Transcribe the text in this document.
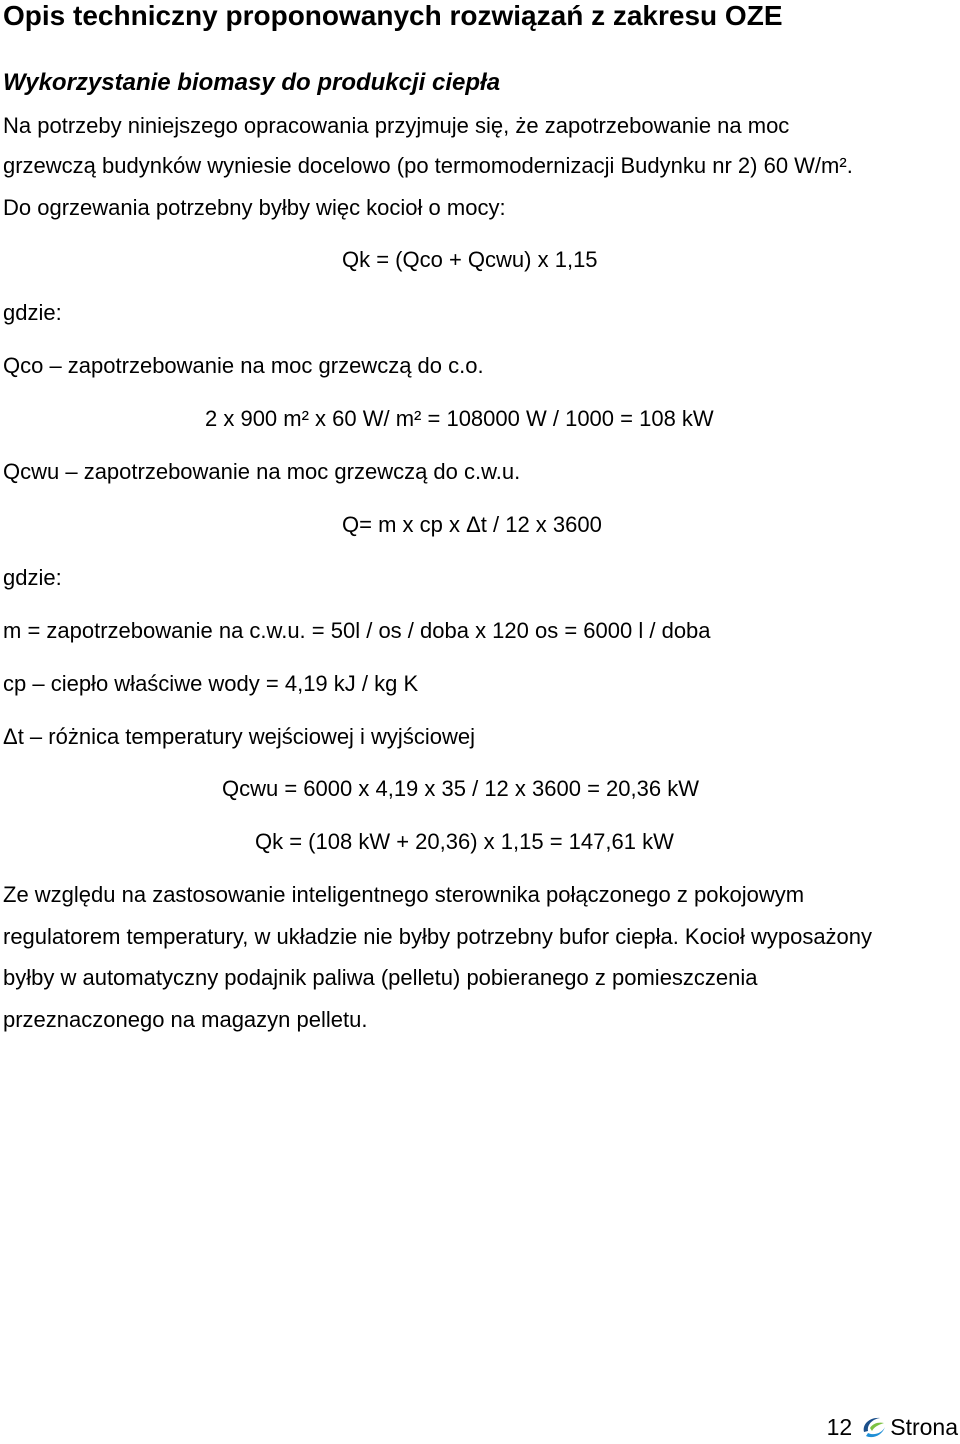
Opis techniczny proponowanych rozwiązań z zakresu OZE
Wykorzystanie biomasy do produkcji ciepła
Na potrzeby niniejszego opracowania przyjmuje się, że zapotrzebowanie na moc
grzewczą budynków wyniesie docelowo (po termomodernizacji Budynku nr 2) 60 W/m².
Do ogrzewania potrzebny byłby więc kocioł o mocy:
Qk = (Qco + Qcwu) x 1,15
gdzie:
Qco – zapotrzebowanie na moc grzewczą do c.o.
2 x 900 m² x 60 W/ m² = 108000 W / 1000 = 108 kW
Qcwu – zapotrzebowanie na moc grzewczą do c.w.u.
Q= m x cp x Δt / 12 x 3600
gdzie:
m = zapotrzebowanie na c.w.u. = 50l / os / doba x 120 os = 6000 l / doba
cp – ciepło właściwe wody = 4,19 kJ / kg K
Δt – różnica temperatury wejściowej i wyjściowej
Qcwu = 6000 x 4,19 x 35 / 12 x 3600 = 20,36 kW
Qk = (108 kW + 20,36) x 1,15 = 147,61 kW
Ze względu na zastosowanie inteligentnego sterownika połączonego z pokojowym
regulatorem temperatury, w układzie nie byłby potrzebny bufor ciepła. Kocioł wyposażony
byłby w automatyczny podajnik paliwa (pelletu) pobieranego z pomieszczenia
przeznaczonego na magazyn pelletu.
12 Strona
